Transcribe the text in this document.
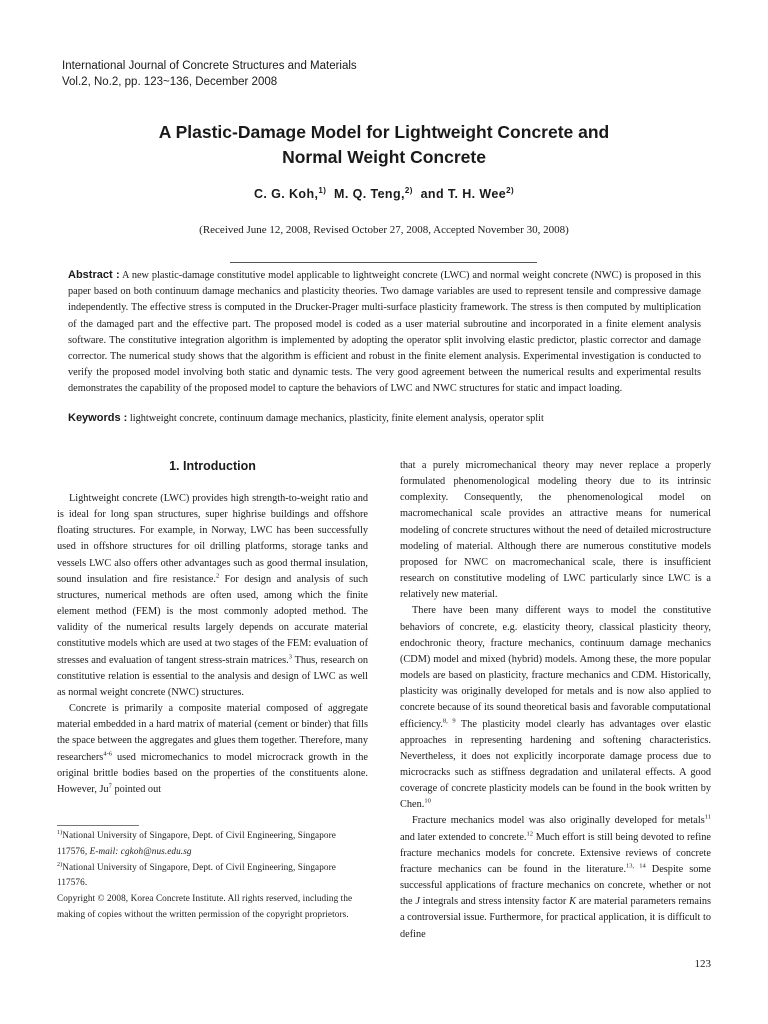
International Journal of Concrete Structures and Materials
Vol.2, No.2, pp. 123~136, December 2008
A Plastic-Damage Model for Lightweight Concrete and
Normal Weight Concrete
C. G. Koh,$^{1)}$ M. Q. Teng,$^{2)}$ and T. H. Wee$^{2)}$
(Received June 12, 2008, Revised October 27, 2008, Accepted November 30, 2008)

Abstract : A new plastic-damage constitutive model applicable to lightweight concrete (LWC) and normal weight concrete (NWC) is proposed in this paper based on both continuum damage mechanics and plasticity theories. Two damage variables are used to represent tensile and compressive damage independently. The effective stress is computed in the Drucker-Prager multi-surface plasticity framework. The stress is then computed by multiplication of the damaged part and the effective part. The proposed model is coded as a user material subroutine and incorporated in a finite element analysis software. The constitutive integration algorithm is implemented by adopting the operator split involving elastic predictor, plastic corrector and damage corrector. The numerical study shows that the algorithm is efficient and robust in the finite element analysis. Experimental investigation is conducted to verify the proposed model involving both static and dynamic tests. The very good agreement between the numerical results and experimental results demonstrates the capability of the proposed model to capture the behaviors of LWC and NWC structures for static and impact loading.

Keywords : lightweight concrete, continuum damage mechanics, plasticity, finite element analysis, operator split

1. Introduction

Lightweight concrete (LWC) provides high strength-to-weight ratio and is ideal for long span structures, super highrise buildings and offshore floating structures. For example, in Norway, LWC has been successfully used in offshore structures for oil drilling platforms, storage tanks and vessels LWC also offers other advantages such as good thermal insulation, sound insulation and fire resistance.$^2$ For design and analysis of such structures, numerical methods are often used, among which the finite element method (FEM) is the most commonly adopted method. The validity of the numerical results largely depends on accurate material constitutive models which are used at two stages of the FEM: evaluation of stresses and evaluation of tangent stress-strain matrices.$^3$ Thus, research on constitutive relation is essential to the analysis and design of LWC as well as normal weight concrete (NWC) structures.

Concrete is primarily a composite material composed of aggregate material embedded in a hard matrix of material (cement or binder) that fills the space between the aggregates and glues them together. Therefore, many researchers$^{4-6}$ used micromechanics to model microcrack growth in the original brittle bodies based on the properties of the constituents alone. However, Ju$^7$ pointed out

that a purely micromechanical theory may never replace a properly formulated phenomenological modeling theory due to its intrinsic complexity. Consequently, the phenomenological model on macromechanical scale provides an attractive means for numerical modeling of concrete structures without the need of detailed microstructure modeling of material. Although there are numerous constitutive models proposed for NWC on macromechanical scale, there is insufficient research on constitutive modeling of LWC particularly since LWC is a relatively new material.

There have been many different ways to model the constitutive behaviors of concrete, e.g. elasticity theory, classical plasticity theory, endochronic theory, fracture mechanics, continuum damage mechanics (CDM) model and mixed (hybrid) models. Among these, the more popular models are based on plasticity, fracture mechanics and CDM. Historically, plasticity was originally developed for metals and is now also applied to concrete because of its sound theoretical basis and favorable computational efficiency.$^{8, 9}$ The plasticity model clearly has advantages over elastic approaches in representing hardening and softening characteristics. Nevertheless, it does not explicitly incorporate damage process due to microcracks such as stiffness degradation and unilateral effects. A good coverage of concrete plasticity models can be found in the book written by Chen.$^{10}$

Fracture mechanics model was also originally developed for metals$^{11}$ and later extended to concrete.$^{12}$ Much effort is still being devoted to refine fracture mechanics models for concrete. Extensive reviews of concrete fracture mechanics can be found in the literature.$^{13, 14}$ Despite some successful applications of fracture mechanics on concrete, whether or not the J integrals and stress intensity factor K are material parameters remains a controversial issue. Furthermore, for practical application, it is difficult to define

$^{1)}$National University of Singapore, Dept. of Civil Engineering, Singapore 117576, E-mail: cgkoh@nus.edu.sg

$^{2)}$National University of Singapore, Dept. of Civil Engineering, Singapore 117576.

Copyright © 2008, Korea Concrete Institute. All rights reserved, including the making of copies without the written permission of the copyright proprietors.

123
